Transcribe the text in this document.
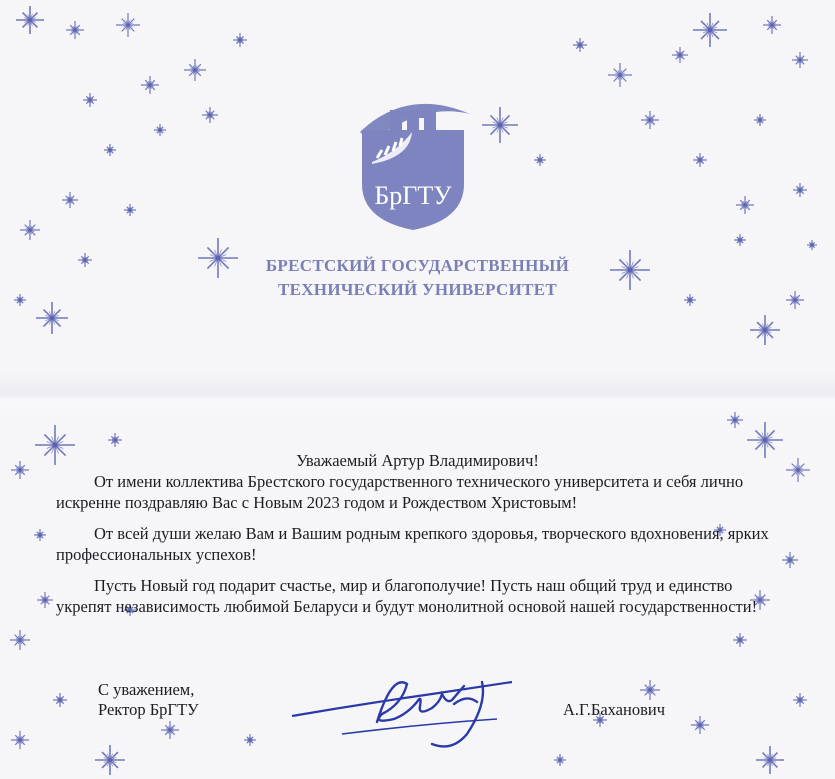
БрГТУ
БРЕСТСКИЙ ГОСУДАРСТВЕННЫЙ
ТЕХНИЧЕСКИЙ УНИВЕРСИТЕТ
Уважаемый Артур Владимирович!
От имени коллектива Брестского государственного технического университета и себя лично искренне поздравляю Вас с Новым 2023 годом и Рождеством Христовым!
От всей души желаю Вам и Вашим родным крепкого здоровья, творческого вдохновения, ярких профессиональных успехов!
Пусть Новый год подарит счастье, мир и благополучие! Пусть наш общий труд и единство укрепят независимость любимой Беларуси и будут монолитной основой нашей государственности!
С уважением,
Ректор БрГТУ	А.Г.Баханович
